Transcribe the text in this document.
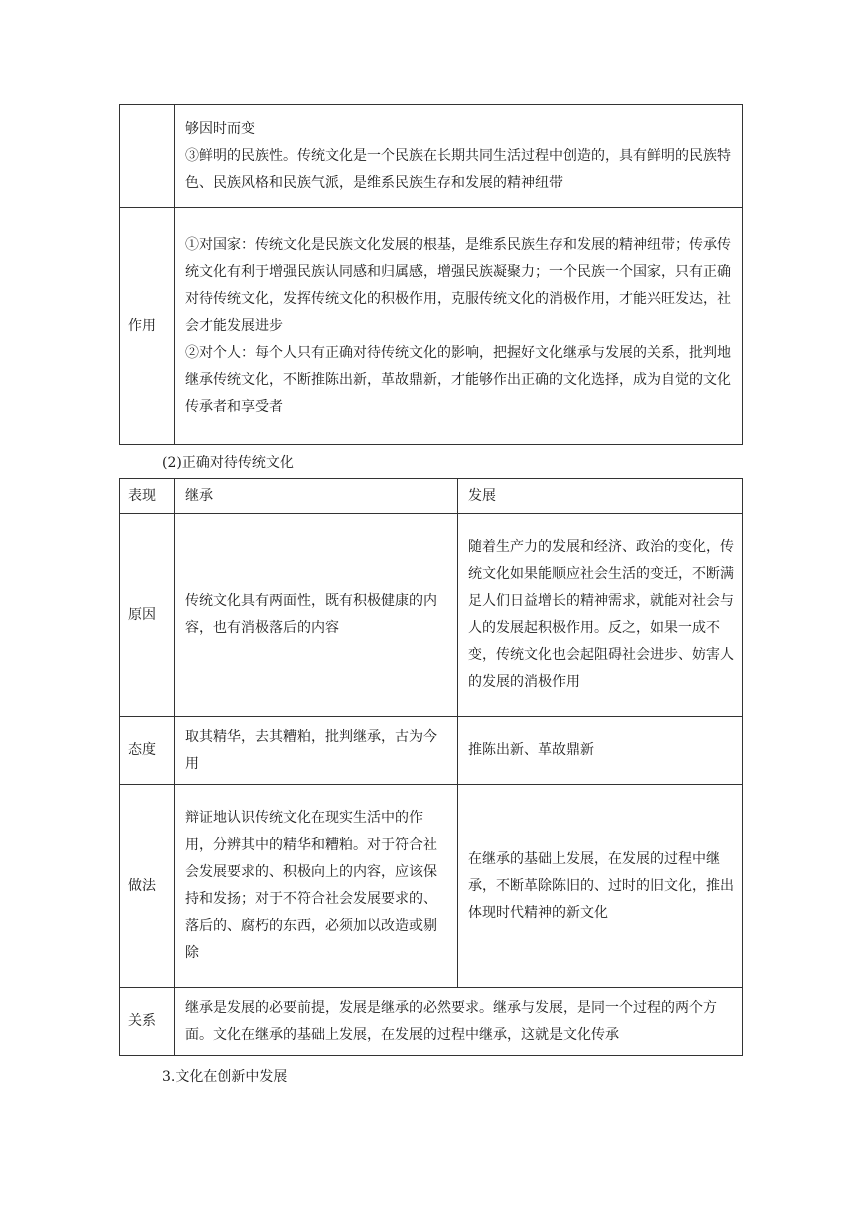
	够因时而变

③鲜明的民族性。传统文化是一个民族在长期共同生活过程中创造的，具有鲜明的民族特色、民族风格和民族气派，是维系民族生存和发展的精神纽带

作用	①对国家：传统文化是民族文化发展的根基，是维系民族生存和发展的精神纽带；传承传统文化有利于增强民族认同感和归属感，增强民族凝聚力；一个民族一个国家，只有正确对待传统文化，发挥传统文化的积极作用，克服传统文化的消极作用，才能兴旺发达，社会才能发展进步

②对个人：每个人只有正确对待传统文化的影响，把握好文化继承与发展的关系，批判地继承传统文化，不断推陈出新，革故鼎新，才能够作出正确的文化选择，成为自觉的文化传承者和享受者

(2)正确对待传统文化
表现	继承	发展
原因	传统文化具有两面性，既有积极健康的内容，也有消极落后的内容	随着生产力的发展和经济、政治的变化，传统文化如果能顺应社会生活的变迁，不断满足人们日益增长的精神需求，就能对社会与人的发展起积极作用。反之，如果一成不变，传统文化也会起阻碍社会进步、妨害人的发展的消极作用
态度	取其精华，去其糟粕，批判继承，古为今用	推陈出新、革故鼎新
做法	辩证地认识传统文化在现实生活中的作用，分辨其中的精华和糟粕。对于符合社会发展要求的、积极向上的内容，应该保持和发扬；对于不符合社会发展要求的、落后的、腐朽的东西，必须加以改造或剔除	在继承的基础上发展，在发展的过程中继承，不断革除陈旧的、过时的旧文化，推出体现时代精神的新文化
关系	继承是发展的必要前提，发展是继承的必然要求。继承与发展，是同一个过程的两个方面。文化在继承的基础上发展，在发展的过程中继承，这就是文化传承	
3.文化在创新中发展
